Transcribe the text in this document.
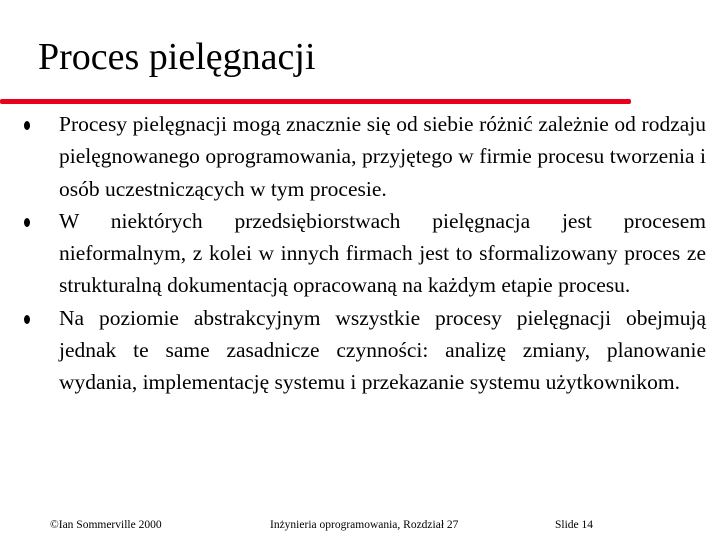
Proces pielęgnacji
Procesy pielęgnacji mogą znacznie się od siebie różnić zależnie od rodzaju pielęgnowanego oprogramowania, przyjętego w firmie procesu tworzenia i osób uczestniczących w tym procesie.
W niektórych przedsiębiorstwach pielęgnacja jest procesem nieformalnym, z kolei w innych firmach jest to sformalizowany proces ze strukturalną dokumentacją opracowaną na każdym etapie procesu.
Na poziomie abstrakcyjnym wszystkie procesy pielęgnacji obejmują jednak te same zasadnicze czynności: analizę zmiany, planowanie wydania, implementację systemu i przekazanie systemu użytkownikom.
©Ian Sommerville 2000	Inżynieria oprogramowania, Rozdział 27	Slide 14
